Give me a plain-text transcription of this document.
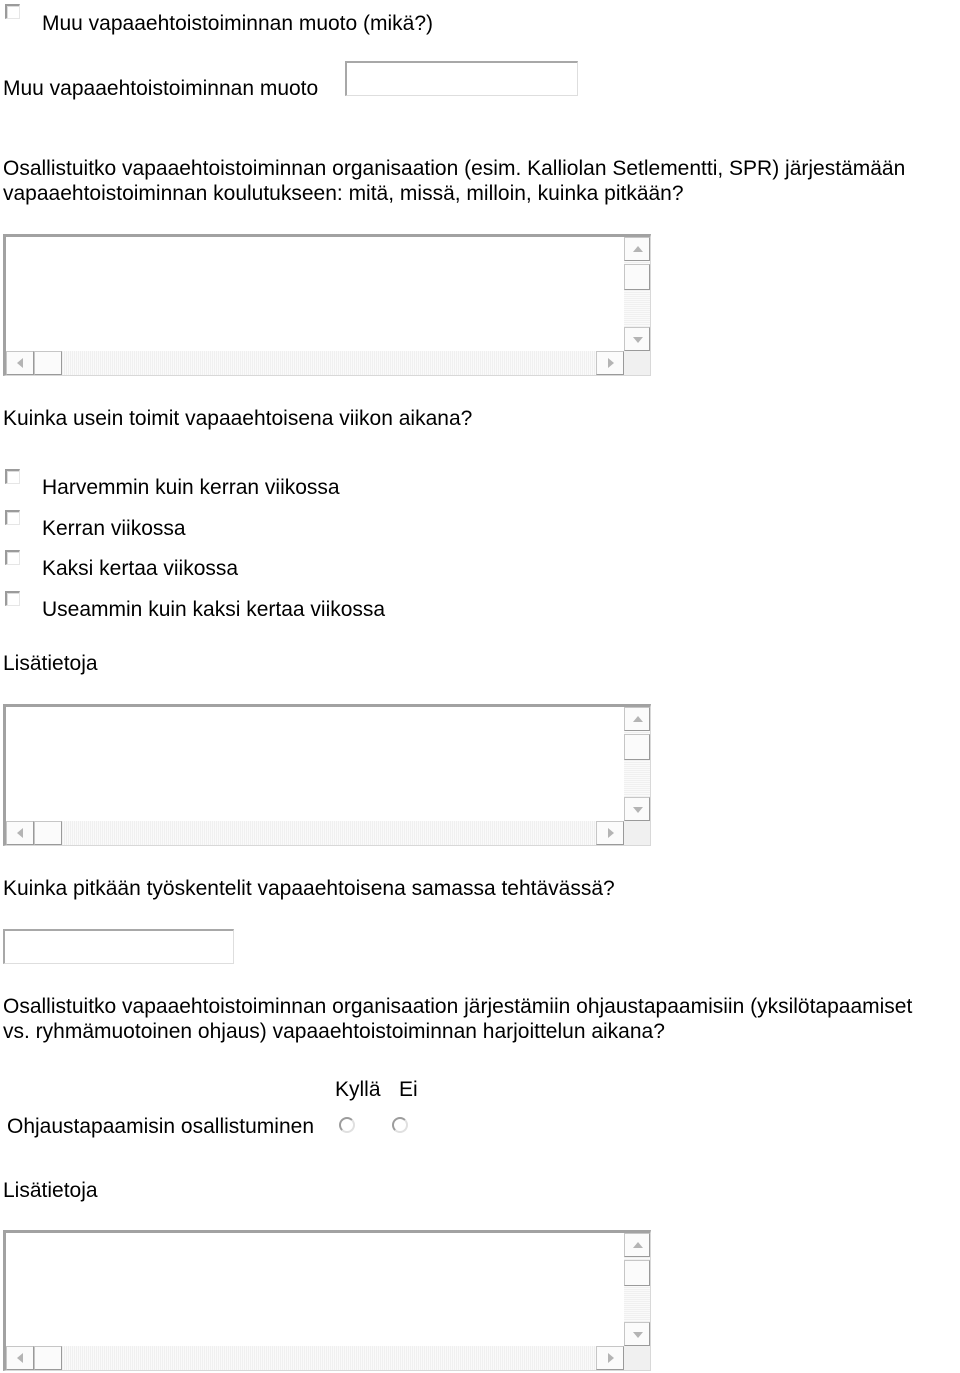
Muu vapaaehtoistoiminnan muoto (mikä?)
Muu vapaaehtoistoiminnan muoto
Osallistuitko vapaaehtoistoiminnan organisaation (esim. Kalliolan Setlementti, SPR) järjestämään
vapaaehtoistoiminnan koulutukseen: mitä, missä, milloin, kuinka pitkään?
Kuinka usein toimit vapaaehtoisena viikon aikana?
Harvemmin kuin kerran viikossa
Kerran viikossa
Kaksi kertaa viikossa
Useammin kuin kaksi kertaa viikossa
Lisätietoja
Kuinka pitkään työskentelit vapaaehtoisena samassa tehtävässä?
Osallistuitko vapaaehtoistoiminnan organisaation järjestämiin ohjaustapaamisiin (yksilötapaamiset
vs. ryhmämuotoinen ohjaus) vapaaehtoistoiminnan harjoittelun aikana?
Kyllä Ei
Ohjaustapaamisin osallistuminen
Lisätietoja
